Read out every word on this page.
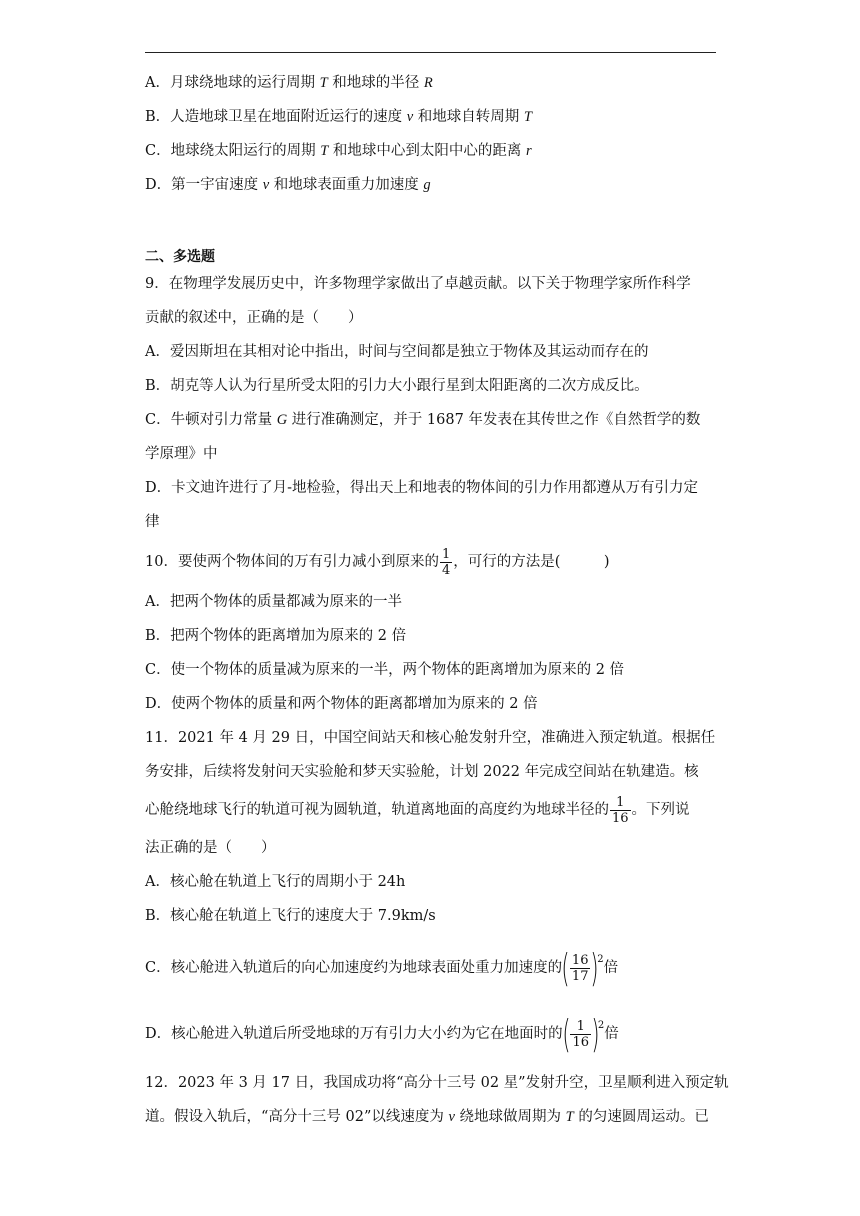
A．月球绕地球的运行周期 T 和地球的半径 R
B．人造地球卫星在地面附近运行的速度 v 和地球自转周期 T
C．地球绕太阳运行的周期 T 和地球中心到太阳中心的距离 r
D．第一宇宙速度 v 和地球表面重力加速度 g
二、多选题
9．在物理学发展历史中，许多物理学家做出了卓越贡献。以下关于物理学家所作科学
贡献的叙述中，正确的是（　　）
A．爱因斯坦在其相对论中指出，时间与空间都是独立于物体及其运动而存在的
B．胡克等人认为行星所受太阳的引力大小跟行星到太阳距离的二次方成反比。
C．牛顿对引力常量 G 进行准确测定，并于 1687 年发表在其传世之作《自然哲学的数
学原理》中
D．卡文迪许进行了月-地检验，得出天上和地表的物体间的引力作用都遵从万有引力定
律
10．要使两个物体间的万有引力减小到原来的 $\frac{1}{4}$ ，可行的方法是(　　　)
A．把两个物体的质量都减为原来的一半
B．把两个物体的距离增加为原来的 2 倍
C．使一个物体的质量减为原来的一半，两个物体的距离增加为原来的 2 倍
D．使两个物体的质量和两个物体的距离都增加为原来的 2 倍
11．2021 年 4 月 29 日，中国空间站天和核心舱发射升空，准确进入预定轨道。根据任
务安排，后续将发射问天实验舱和梦天实验舱，计划 2022 年完成空间站在轨建造。核
心舱绕地球飞行的轨道可视为圆轨道，轨道离地面的高度约为地球半径的 $\frac{1}{16}$ 。下列说
法正确的是（　　）
A．核心舱在轨道上飞行的周期小于 24h
B．核心舱在轨道上飞行的速度大于 7.9km/s
C．核心舱进入轨道后的向心加速度约为地球表面处重力加速度的( $\frac{16}{17} )2$倍
D．核心舱进入轨道后所受地球的万有引力大小约为它在地面时的( $\frac{1}{16} )2$倍
12．2023 年 3 月 17 日，我国成功将“高分十三号 02 星”发射升空，卫星顺利进入预定轨
道。假设入轨后，“高分十三号 02”以线速度为 v 绕地球做周期为 T 的匀速圆周运动。已
